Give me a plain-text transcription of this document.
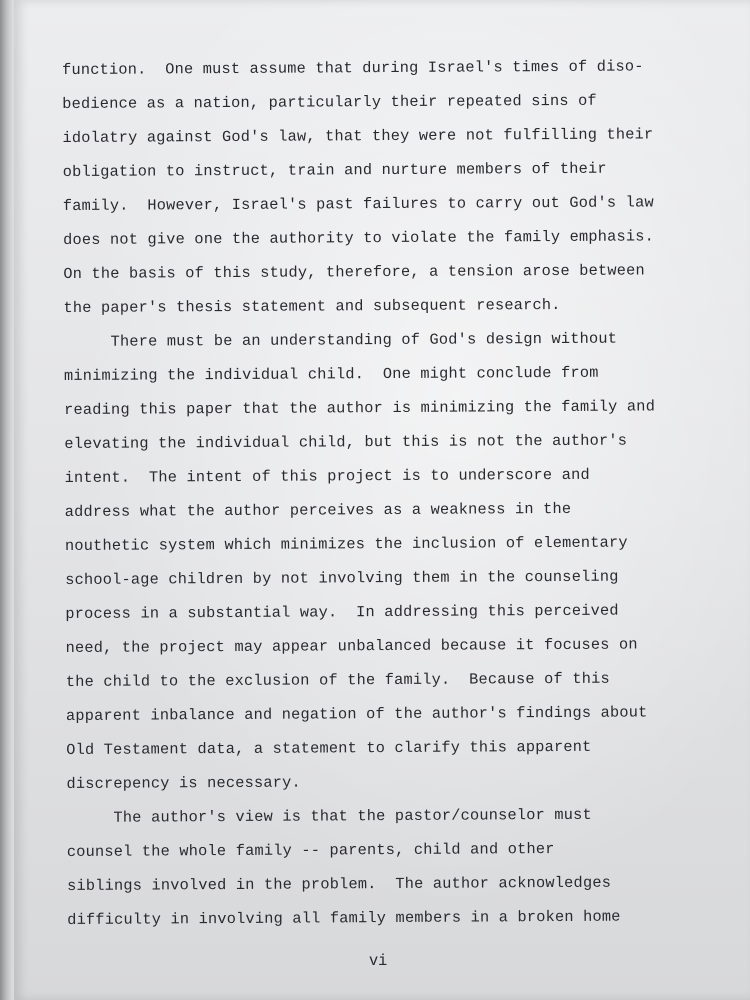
function.  One must assume that during Israel's times of diso-
bedience as a nation, particularly their repeated sins of
idolatry against God's law, that they were not fulfilling their
obligation to instruct, train and nurture members of their
family.  However, Israel's past failures to carry out God's law
does not give one the authority to violate the family emphasis.
On the basis of this study, therefore, a tension arose between
the paper's thesis statement and subsequent research.
There must be an understanding of God's design without
minimizing the individual child.  One might conclude from
reading this paper that the author is minimizing the family and
elevating the individual child, but this is not the author's
intent.  The intent of this project is to underscore and
address what the author perceives as a weakness in the
nouthetic system which minimizes the inclusion of elementary
school-age children by not involving them in the counseling
process in a substantial way.  In addressing this perceived
need, the project may appear unbalanced because it focuses on
the child to the exclusion of the family.  Because of this
apparent inbalance and negation of the author's findings about
Old Testament data, a statement to clarify this apparent
discrepency is necessary.
The author's view is that the pastor/counselor must
counsel the whole family -- parents, child and other
siblings involved in the problem.  The author acknowledges
difficulty in involving all family members in a broken home
vi
